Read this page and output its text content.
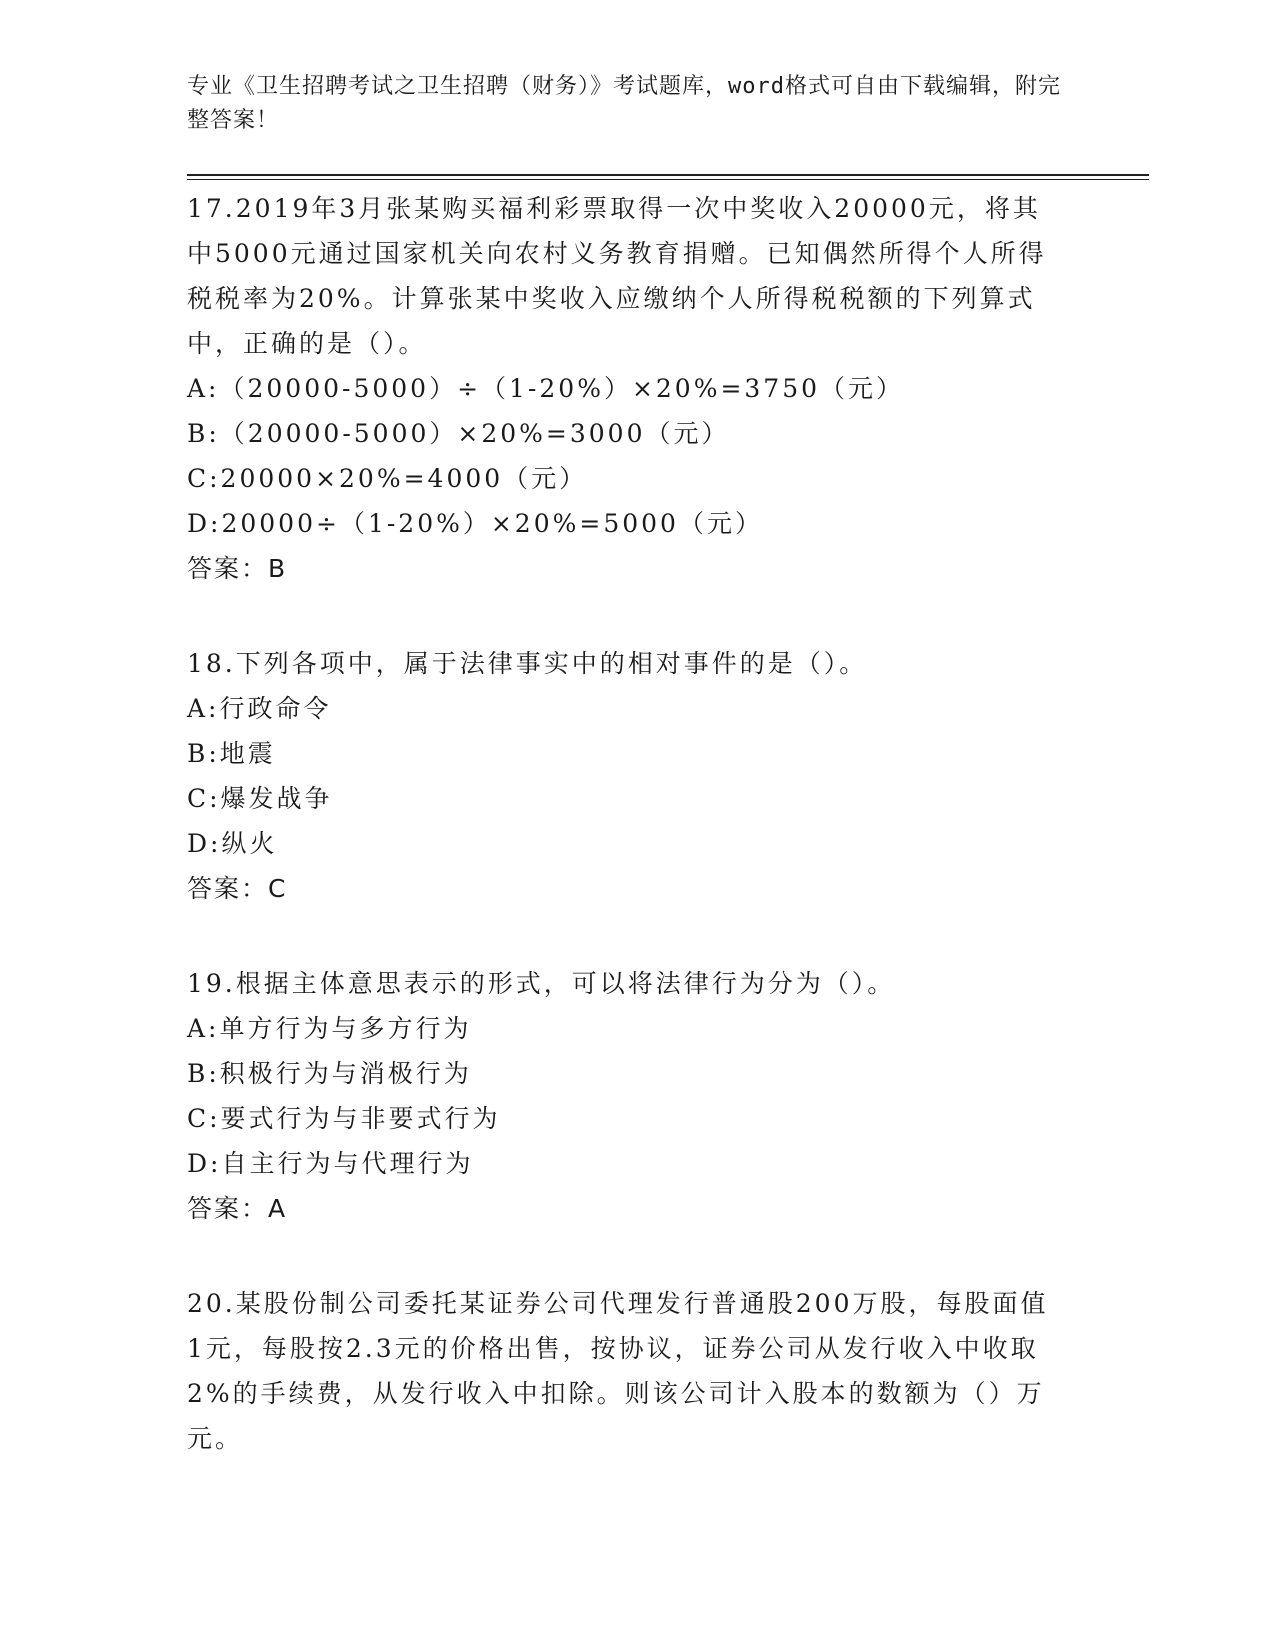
专业《卫生招聘考试之卫生招聘（财务）》考试题库，word格式可自由下载编辑，附完整答案！

17.2019年3月张某购买福利彩票取得一次中奖收入20000元，将其中5000元通过国家机关向农村义务教育捐赠。已知偶然所得个人所得税税率为20%。计算张某中奖收入应缴纳个人所得税税额的下列算式中，正确的是（）。

A:（20000-5000）÷（1-20%）×20%=3750（元）

B:（20000-5000）×20%=3000（元）

C:20000×20%=4000（元）

D:20000÷（1-20%）×20%=5000（元）

答案：B

18.下列各项中，属于法律事实中的相对事件的是（）。

A:行政命令

B:地震

C:爆发战争

D:纵火

答案：C

19.根据主体意思表示的形式，可以将法律行为分为（）。

A:单方行为与多方行为

B:积极行为与消极行为

C:要式行为与非要式行为

D:自主行为与代理行为

答案：A

20.某股份制公司委托某证券公司代理发行普通股200万股，每股面值1元，每股按2.3元的价格出售，按协议，证券公司从发行收入中收取2%的手续费，从发行收入中扣除。则该公司计入股本的数额为（）万元。
